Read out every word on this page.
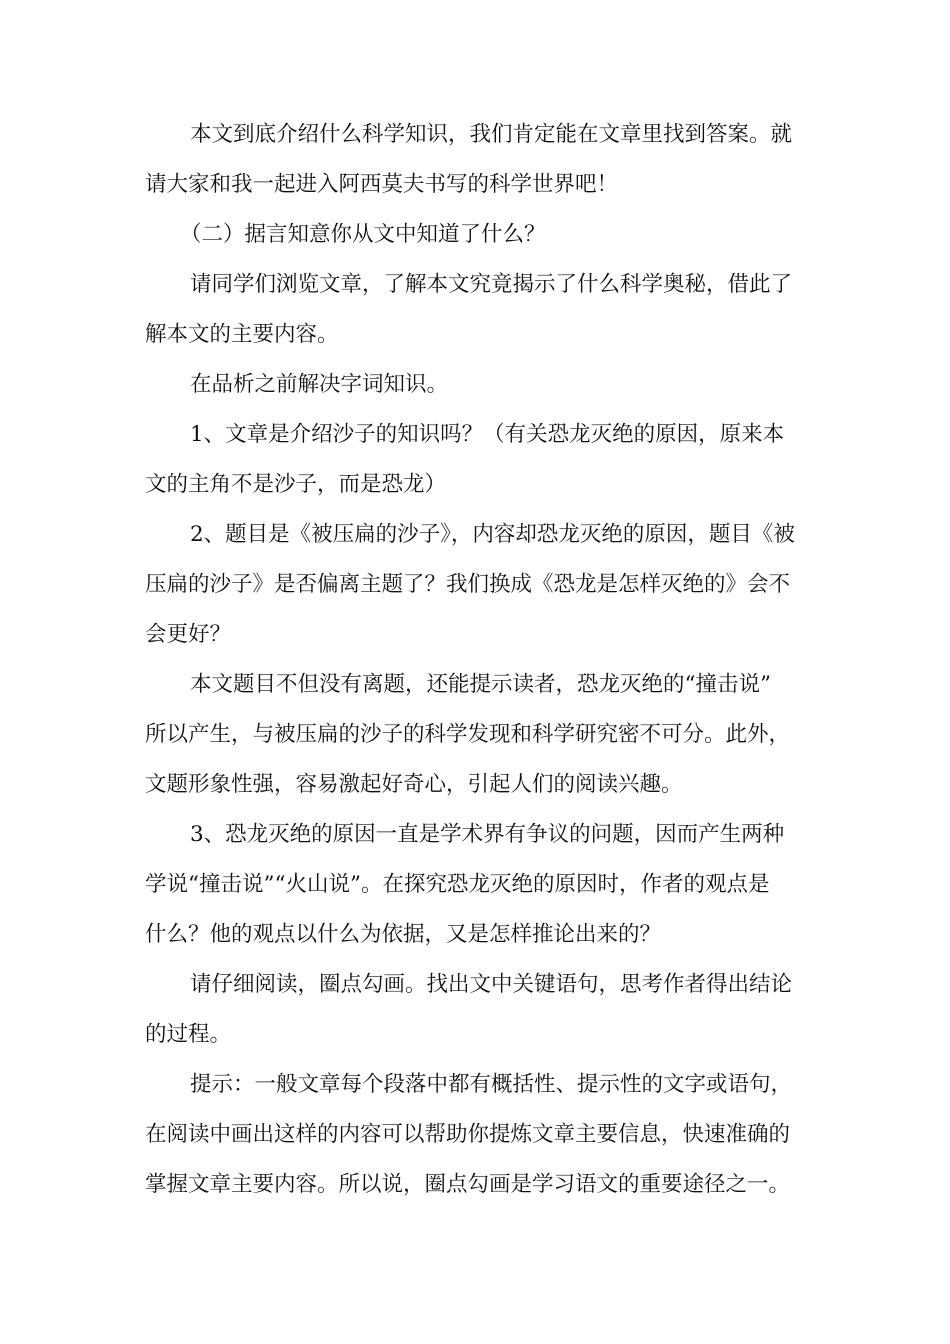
本文到底介绍什么科学知识，我们肯定能在文章里找到答案。就
请大家和我一起进入阿西莫夫书写的科学世界吧！
（二）据言知意你从文中知道了什么？
请同学们浏览文章，了解本文究竟揭示了什么科学奥秘，借此了
解本文的主要内容。
在品析之前解决字词知识。
1、文章是介绍沙子的知识吗？（有关恐龙灭绝的原因，原来本
文的主角不是沙子，而是恐龙）
2、题目是《被压扁的沙子》，内容却恐龙灭绝的原因，题目《被
压扁的沙子》是否偏离主题了？我们换成《恐龙是怎样灭绝的》会不
会更好？
本文题目不但没有离题，还能提示读者，恐龙灭绝的“撞击说”
所以产生，与被压扁的沙子的科学发现和科学研究密不可分。此外，
文题形象性强，容易激起好奇心，引起人们的阅读兴趣。
3、恐龙灭绝的原因一直是学术界有争议的问题，因而产生两种
学说“撞击说”“火山说”。在探究恐龙灭绝的原因时，作者的观点是
什么？他的观点以什么为依据，又是怎样推论出来的？
请仔细阅读，圈点勾画。找出文中关键语句，思考作者得出结论
的过程。
提示：一般文章每个段落中都有概括性、提示性的文字或语句，
在阅读中画出这样的内容可以帮助你提炼文章主要信息，快速准确的
掌握文章主要内容。所以说，圈点勾画是学习语文的重要途径之一。
